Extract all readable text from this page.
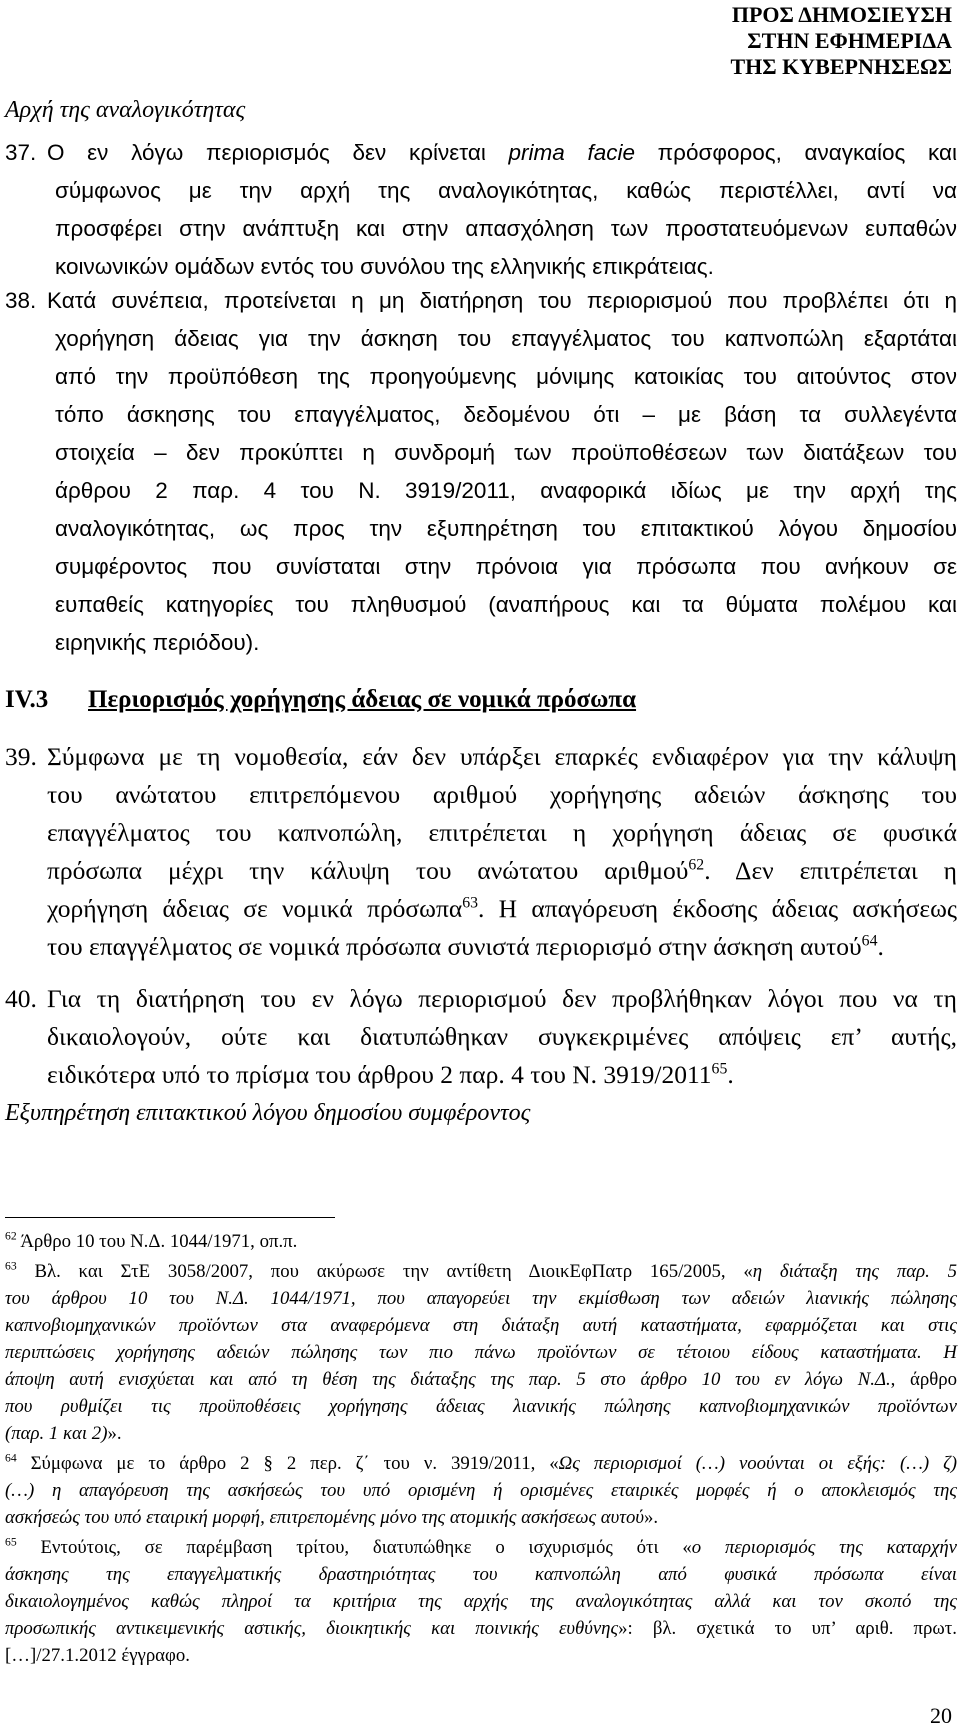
ΠΡΟΣ ΔΗΜΟΣΙΕΥΣΗ
ΣΤΗΝ ΕΦΗΜΕΡΙΔΑ
ΤΗΣ ΚΥΒΕΡΝΗΣΕΩΣ
Αρχή της αναλογικότητας
37. Ο εν λόγω περιορισμός δεν κρίνεται prima facie πρόσφορος, αναγκαίος και
σύμφωνος με την αρχή της αναλογικότητας, καθώς περιστέλλει, αντί να
προσφέρει στην ανάπτυξη και στην απασχόληση των προστατευόμενων ευπαθών
κοινωνικών ομάδων εντός του συνόλου της ελληνικής επικράτειας.
38. Κατά συνέπεια, προτείνεται η μη διατήρηση του περιορισμού που προβλέπει ότι η
χορήγηση άδειας για την άσκηση του επαγγέλματος του καπνοπώλη εξαρτάται
από την προϋπόθεση της προηγούμενης μόνιμης κατοικίας του αιτούντος στον
τόπο άσκησης του επαγγέλματος, δεδομένου ότι – με βάση τα συλλεγέντα
στοιχεία – δεν προκύπτει η συνδρομή των προϋποθέσεων των διατάξεων του
άρθρου 2 παρ. 4 του Ν. 3919/2011, αναφορικά ιδίως με την αρχή της
αναλογικότητας, ως προς την εξυπηρέτηση του επιτακτικού λόγου δημοσίου
συμφέροντος που συνίσταται στην πρόνοια για πρόσωπα που ανήκουν σε
ευπαθείς κατηγορίες του πληθυσμού (αναπήρους και τα θύματα πολέμου και
ειρηνικής περιόδου).
IV.3 Περιορισμός χορήγησης άδειας σε νομικά πρόσωπα
39. Σύμφωνα με τη νομοθεσία, εάν δεν υπάρξει επαρκές ενδιαφέρον για την κάλυψη
του ανώτατου επιτρεπόμενου αριθμού χορήγησης αδειών άσκησης του
επαγγέλματος του καπνοπώλη, επιτρέπεται η χορήγηση άδειας σε φυσικά
πρόσωπα μέχρι την κάλυψη του ανώτατου αριθμού$^{62}$. Δεν επιτρέπεται η
χορήγηση άδειας σε νομικά πρόσωπα$^{63}$. Η απαγόρευση έκδοσης άδειας ασκήσεως
του επαγγέλματος σε νομικά πρόσωπα συνιστά περιορισμό στην άσκηση αυτού$^{64}$.
40. Για τη διατήρηση του εν λόγω περιορισμού δεν προβλήθηκαν λόγοι που να τη
δικαιολογούν, ούτε και διατυπώθηκαν συγκεκριμένες απόψεις επ’ αυτής,
ειδικότερα υπό το πρίσμα του άρθρου 2 παρ. 4 του Ν. 3919/2011$^{65}$.
Εξυπηρέτηση επιτακτικού λόγου δημοσίου συμφέροντος
$^{62}$ Άρθρο 10 του Ν.Δ. 1044/1971, οπ.π.
$^{63}$ Βλ. και ΣτΕ 3058/2007, που ακύρωσε την αντίθετη ΔιοικΕφΠατρ 165/2005, «η διάταξη της παρ. 5
του άρθρου 10 του Ν.Δ. 1044/1971, που απαγορεύει την εκμίσθωση των αδειών λιανικής πώλησης
καπνοβιομηχανικών προϊόντων στα αναφερόμενα στη διάταξη αυτή καταστήματα, εφαρμόζεται και στις
περιπτώσεις χορήγησης αδειών πώλησης των πιο πάνω προϊόντων σε τέτοιου είδους καταστήματα. Η
άποψη αυτή ενισχύεται και από τη θέση της διάταξης της παρ. 5 στο άρθρο 10 του εν λόγω Ν.Δ., άρθρο
που ρυθμίζει τις προϋποθέσεις χορήγησης άδειας λιανικής πώλησης καπνοβιομηχανικών προϊόντων
(παρ. 1 και 2)».
$^{64}$ Σύμφωνα με το άρθρο 2 § 2 περ. ζ΄ του ν. 3919/2011, «Ως περιορισμοί (…) νοούνται οι εξής: (…) ζ)
(…) η απαγόρευση της ασκήσεώς του υπό ορισμένη ή ορισμένες εταιρικές μορφές ή ο αποκλεισμός της
ασκήσεώς του υπό εταιρική μορφή, επιτρεπομένης μόνο της ατομικής ασκήσεως αυτού».
$^{65}$ Εντούτοις, σε παρέμβαση τρίτου, διατυπώθηκε ο ισχυρισμός ότι «ο περιορισμός της καταρχήν
άσκησης της επαγγελματικής δραστηριότητας του καπνοπώλη από φυσικά πρόσωπα είναι
δικαιολογημένος καθώς πληροί τα κριτήρια της αρχής της αναλογικότητας αλλά και τον σκοπό της
προσωπικής αντικειμενικής αστικής, διοικητικής και ποινικής ευθύνης»: βλ. σχετικά το υπ’ αριθ. πρωτ.
[…]/27.1.2012 έγγραφο.
20
